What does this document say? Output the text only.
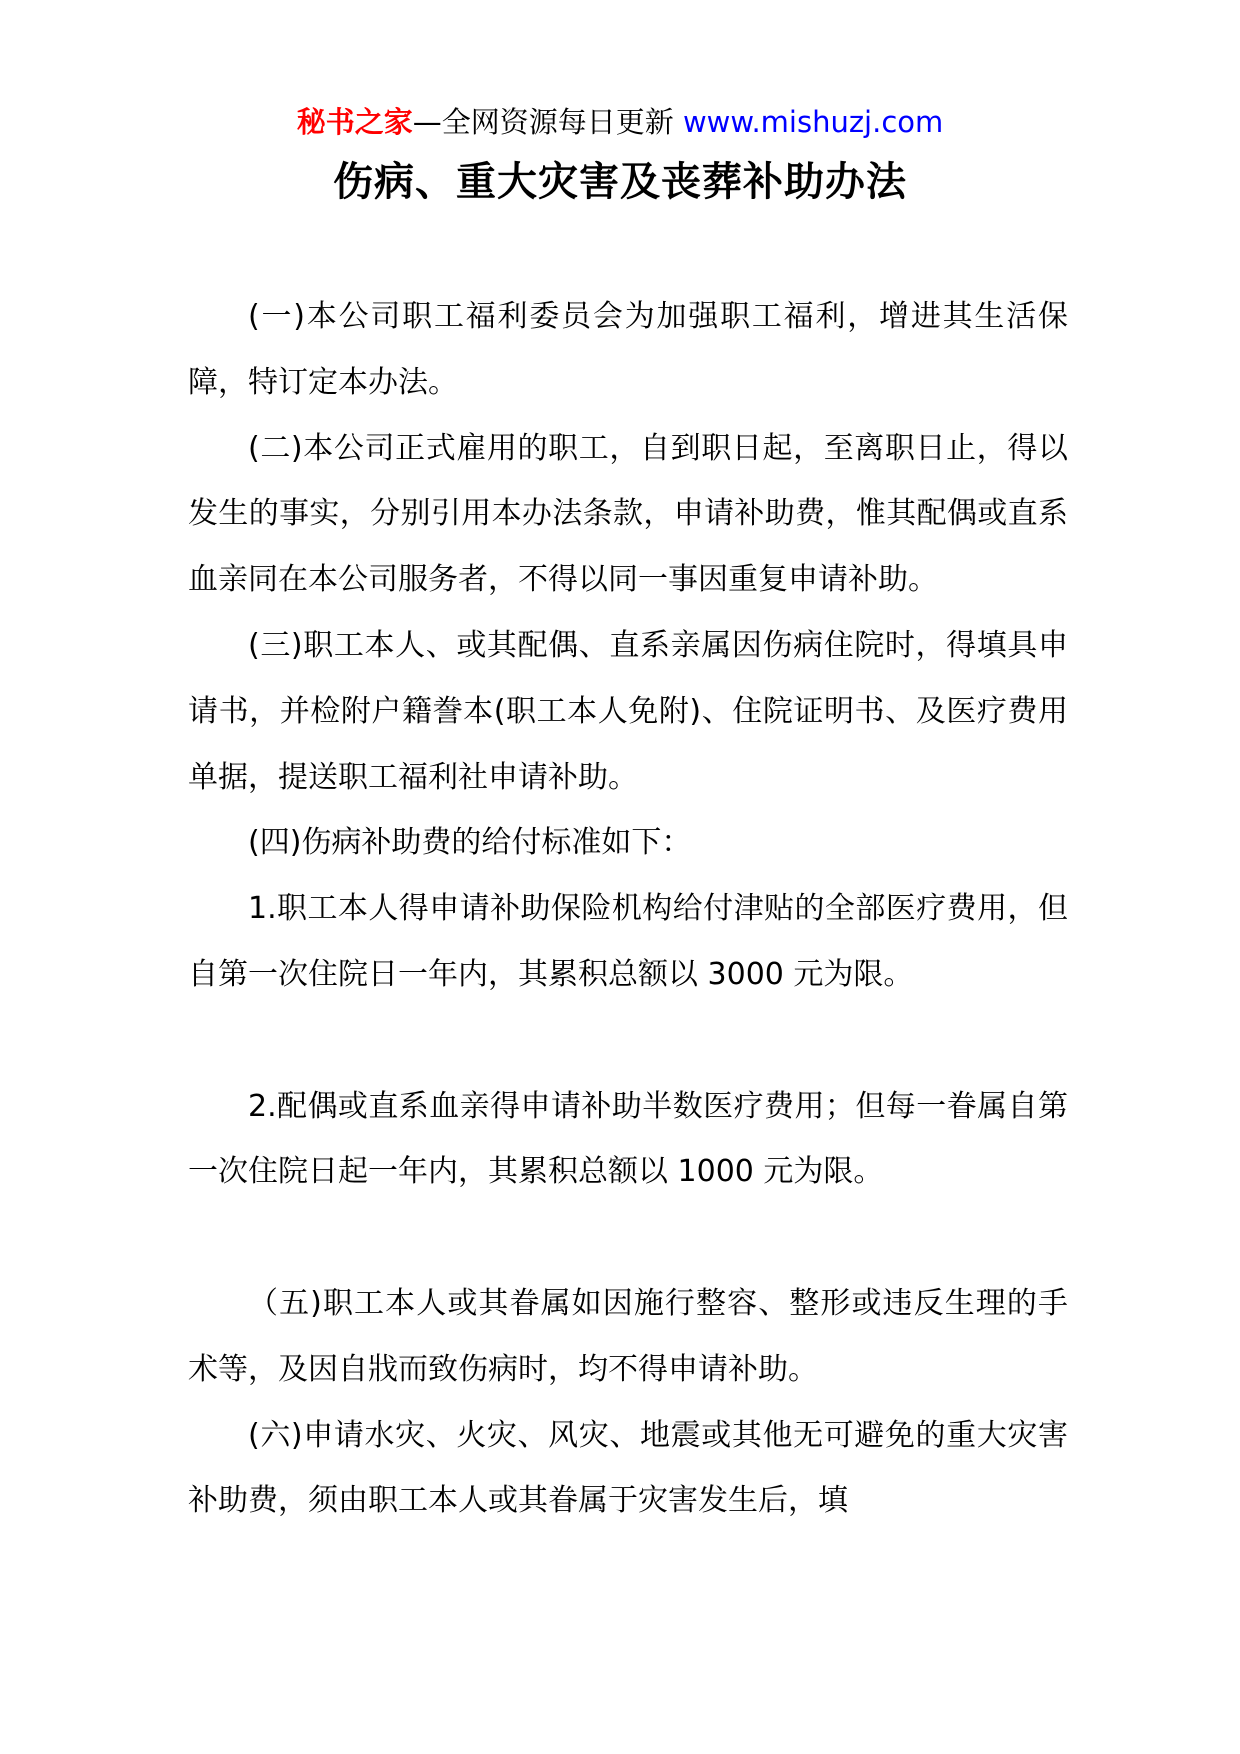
秘书之家—全网资源每日更新 www.mishuzj.com
伤病、重大灾害及丧葬补助办法

(一)本公司职工福利委员会为加强职工福利，增进其生活保障，特订定本办法。

(二)本公司正式雇用的职工，自到职日起，至离职日止，得以发生的事实，分别引用本办法条款，申请补助费，惟其配偶或直系血亲同在本公司服务者，不得以同一事因重复申请补助。

(三)职工本人、或其配偶、直系亲属因伤病住院时，得填具申请书，并检附户籍誊本(职工本人免附)、住院证明书、及医疗费用单据，提送职工福利社申请补助。

(四)伤病补助费的给付标准如下：

1.职工本人得申请补助保险机构给付津贴的全部医疗费用，但自第一次住院日一年内，其累积总额以 3000 元为限。

2.配偶或直系血亲得申请补助半数医疗费用；但每一眷属自第一次住院日起一年内，其累积总额以 1000 元为限。

（五)职工本人或其眷属如因施行整容、整形或违反生理的手术等，及因自戕而致伤病时，均不得申请补助。

(六)申请水灾、火灾、风灾、地震或其他无可避免的重大灾害补助费，须由职工本人或其眷属于灾害发生后，填
